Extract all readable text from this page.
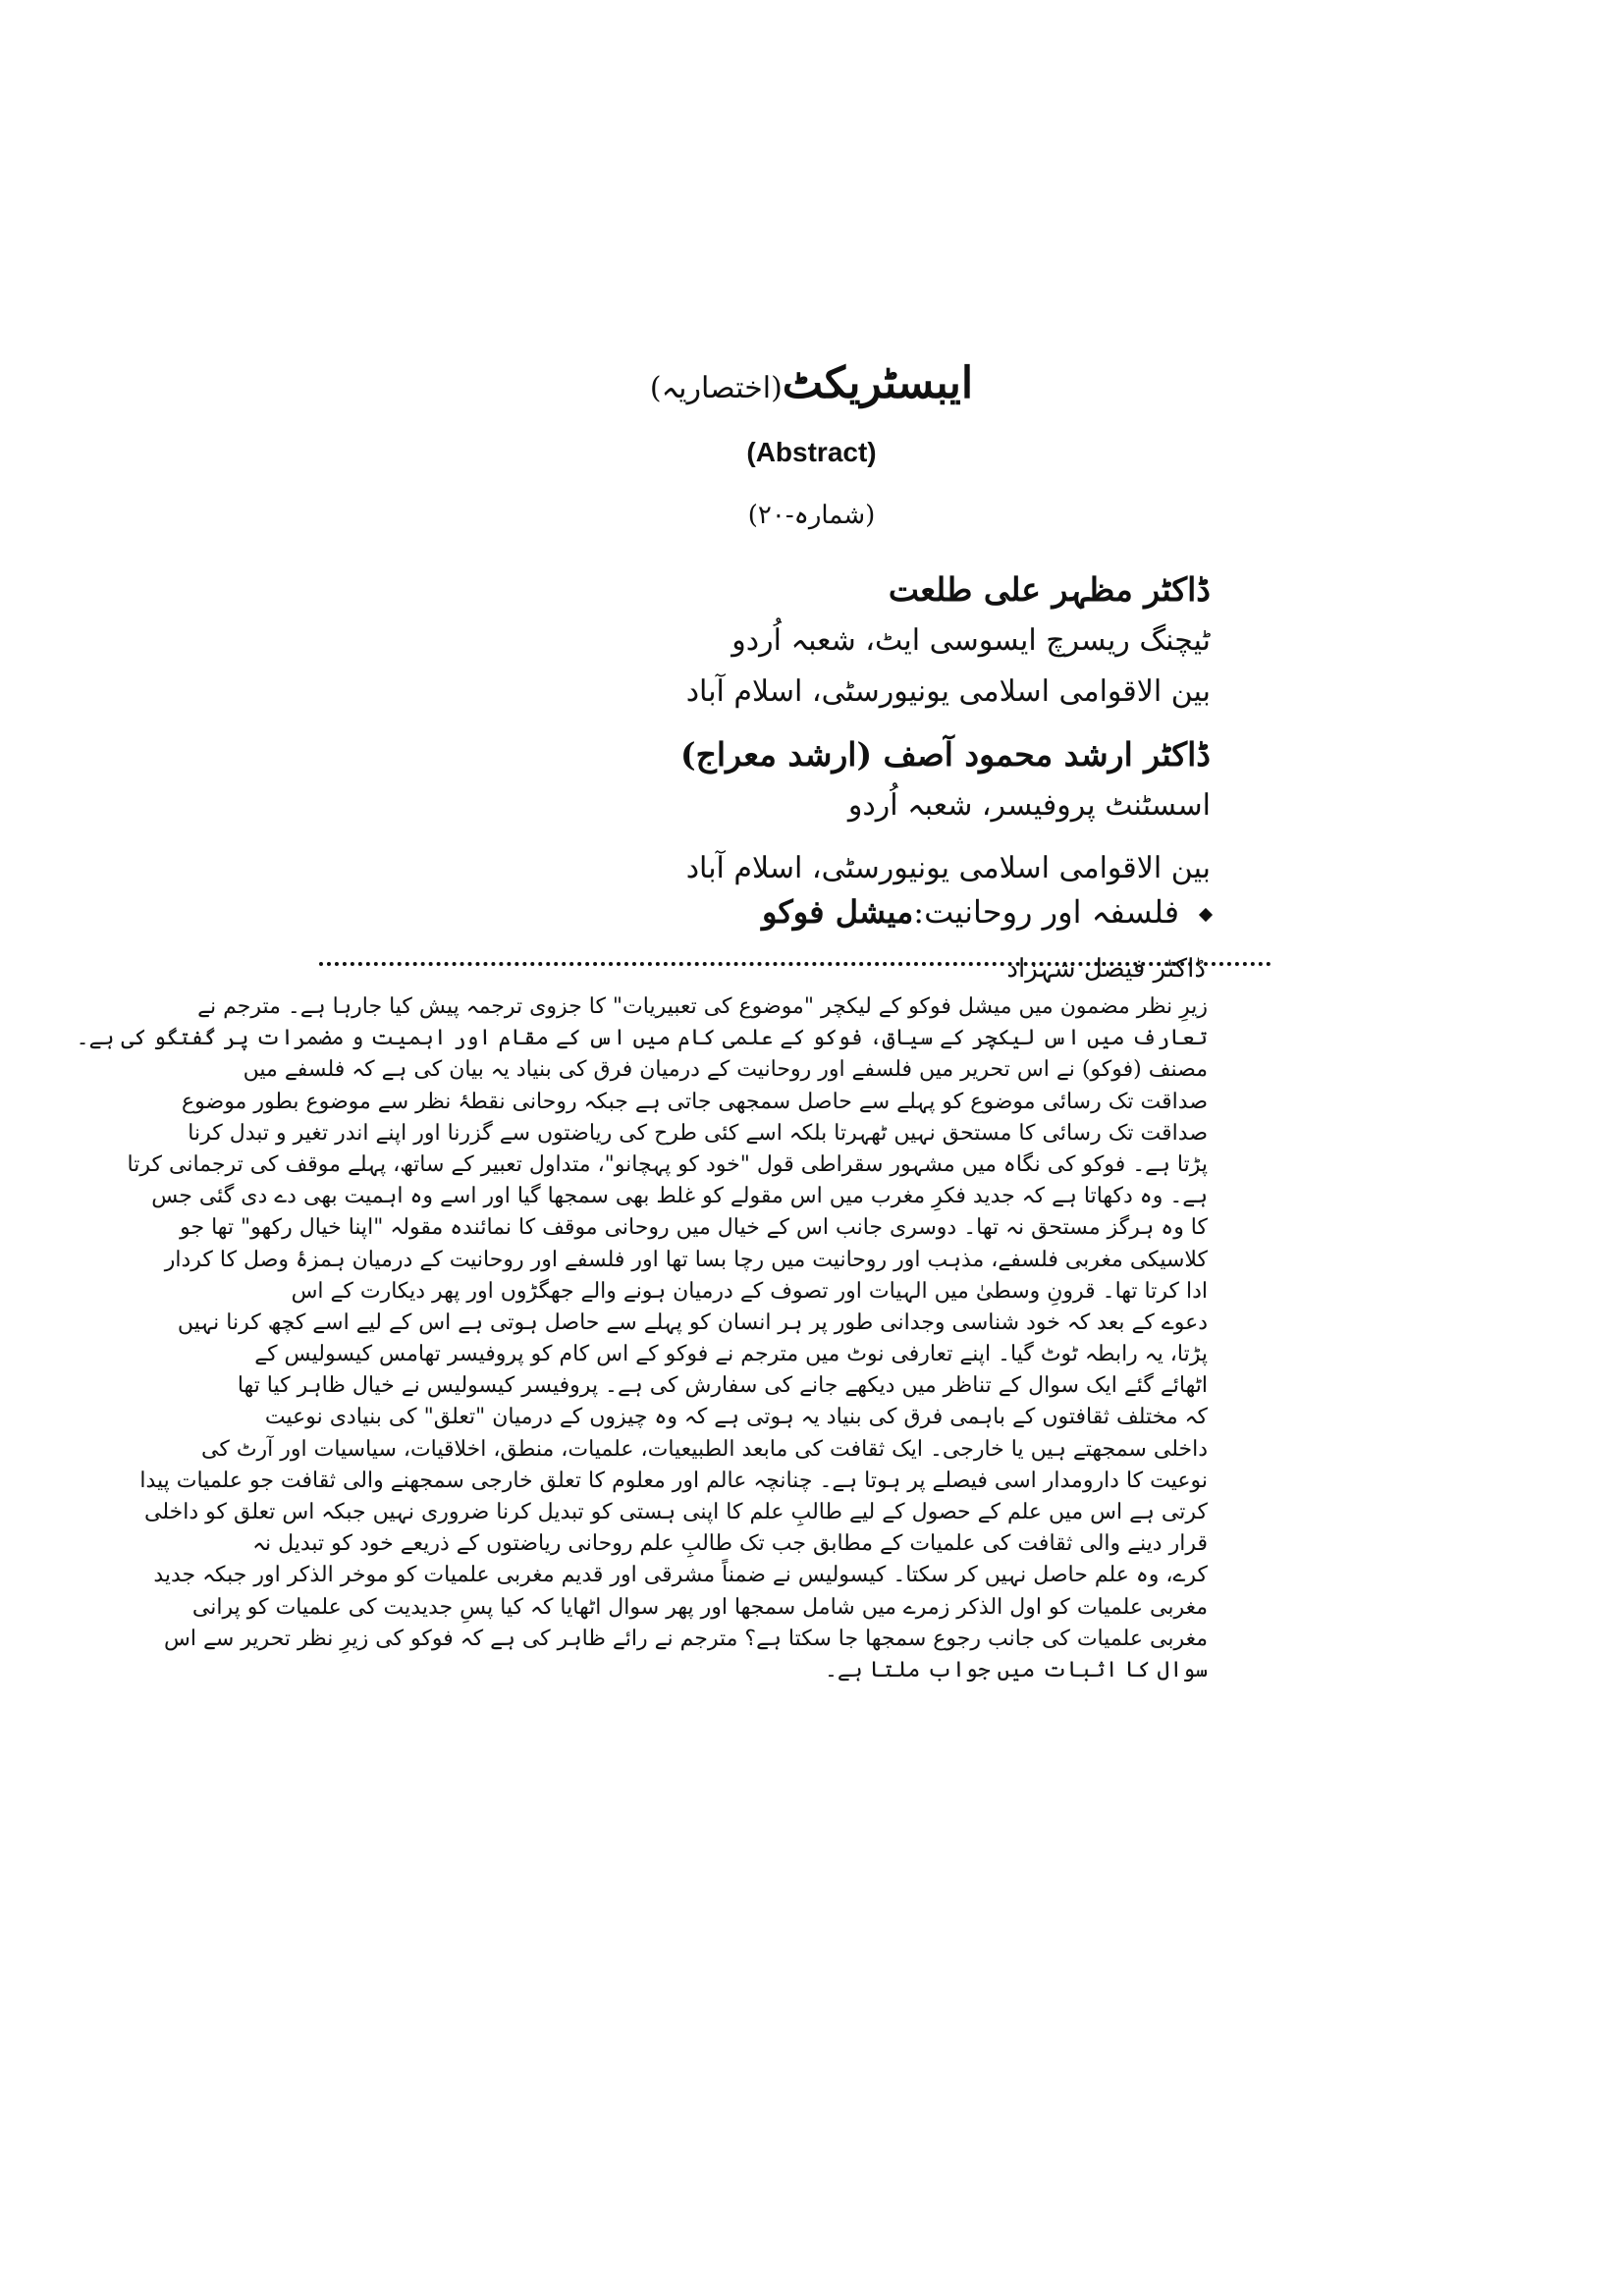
ایبسٹریکٹ(اختصاریہ)
(Abstract)
(شمارہ-۲۰)
ڈاکٹر مظہر علی طلعت
ٹیچنگ ریسرچ ایسوسی ایٹ، شعبہ اُردو
بین الاقوامی اسلامی یونیورسٹی، اسلام آباد
ڈاکٹر ارشد محمود آصف (ارشد معراج)
اسسٹنٹ پروفیسر، شعبہ اُردو
بین الاقوامی اسلامی یونیورسٹی، اسلام آباد
فلسفہ اور روحانیت:میشل فوکو
ڈاکٹر فیصل شہزاد
زیرِ نظر مضمون میں میشل فوکو کے لیکچر "موضوع کی تعبیریات" کا جزوی ترجمہ پیش کیا جارہا ہے۔ مترجم نے
تعارف میں اس لیکچر کے سیاق، فوکو کے علمی کام میں اس کے مقام اور اہمیت و مضمرات پر گفتگو کی ہے۔
مصنف (فوکو) نے اس تحریر میں فلسفے اور روحانیت کے درمیان فرق کی بنیاد یہ بیان کی ہے کہ فلسفے میں
صداقت تک رسائی موضوع کو پہلے سے حاصل سمجھی جاتی ہے جبکہ روحانی نقطۂ نظر سے موضوع بطور موضوع
صداقت تک رسائی کا مستحق نہیں ٹھہرتا بلکہ اسے کئی طرح کی ریاضتوں سے گزرنا اور اپنے اندر تغیر و تبدل کرنا
پڑتا ہے۔ فوکو کی نگاہ میں مشہور سقراطی قول "خود کو پہچانو"، متداول تعبیر کے ساتھ، پہلے موقف کی ترجمانی کرتا
ہے۔ وہ دکھاتا ہے کہ جدید فکرِ مغرب میں اس مقولے کو غلط بھی سمجھا گیا اور اسے وہ اہمیت بھی دے دی گئی جس
کا وہ ہرگز مستحق نہ تھا۔ دوسری جانب اس کے خیال میں روحانی موقف کا نمائندہ مقولہ "اپنا خیال رکھو" تھا جو
کلاسیکی مغربی فلسفے، مذہب اور روحانیت میں رچا بسا تھا اور فلسفے اور روحانیت کے درمیان ہمزۂ وصل کا کردار
ادا کرتا تھا۔ قرونِ وسطیٰ میں الہیات اور تصوف کے درمیان ہونے والے جھگڑوں اور پھر دیکارت کے اس
دعوے کے بعد کہ خود شناسی وجدانی طور پر ہر انسان کو پہلے سے حاصل ہوتی ہے اس کے لیے اسے کچھ کرنا نہیں
پڑتا، یہ رابطہ ٹوٹ گیا۔ اپنے تعارفی نوٹ میں مترجم نے فوکو کے اس کام کو پروفیسر تھامس کیسولیس کے
اٹھائے گئے ایک سوال کے تناظر میں دیکھے جانے کی سفارش کی ہے۔ پروفیسر کیسولیس نے خیال ظاہر کیا تھا
کہ مختلف ثقافتوں کے باہمی فرق کی بنیاد یہ ہوتی ہے کہ وہ چیزوں کے درمیان "تعلق" کی بنیادی نوعیت
داخلی سمجھتے ہیں یا خارجی۔ ایک ثقافت کی مابعد الطبیعیات، علمیات، منطق، اخلاقیات، سیاسیات اور آرٹ کی
نوعیت کا دارومدار اسی فیصلے پر ہوتا ہے۔ چنانچہ عالم اور معلوم کا تعلق خارجی سمجھنے والی ثقافت جو علمیات پیدا
کرتی ہے اس میں علم کے حصول کے لیے طالبِ علم کا اپنی ہستی کو تبدیل کرنا ضروری نہیں جبکہ اس تعلق کو داخلی
قرار دینے والی ثقافت کی علمیات کے مطابق جب تک طالبِ علم روحانی ریاضتوں کے ذریعے خود کو تبدیل نہ
کرے، وہ علم حاصل نہیں کر سکتا۔ کیسولیس نے ضمناً مشرقی اور قدیم مغربی علمیات کو موخر الذکر اور جبکہ جدید
مغربی علمیات کو اول الذکر زمرے میں شامل سمجھا اور پھر سوال اٹھایا کہ کیا پسِ جدیدیت کی علمیات کو پرانی
مغربی علمیات کی جانب رجوع سمجھا جا سکتا ہے؟ مترجم نے رائے ظاہر کی ہے کہ فوکو کی زیرِ نظر تحریر سے اس
سوال کا اثبات میں جواب ملتا ہے۔
